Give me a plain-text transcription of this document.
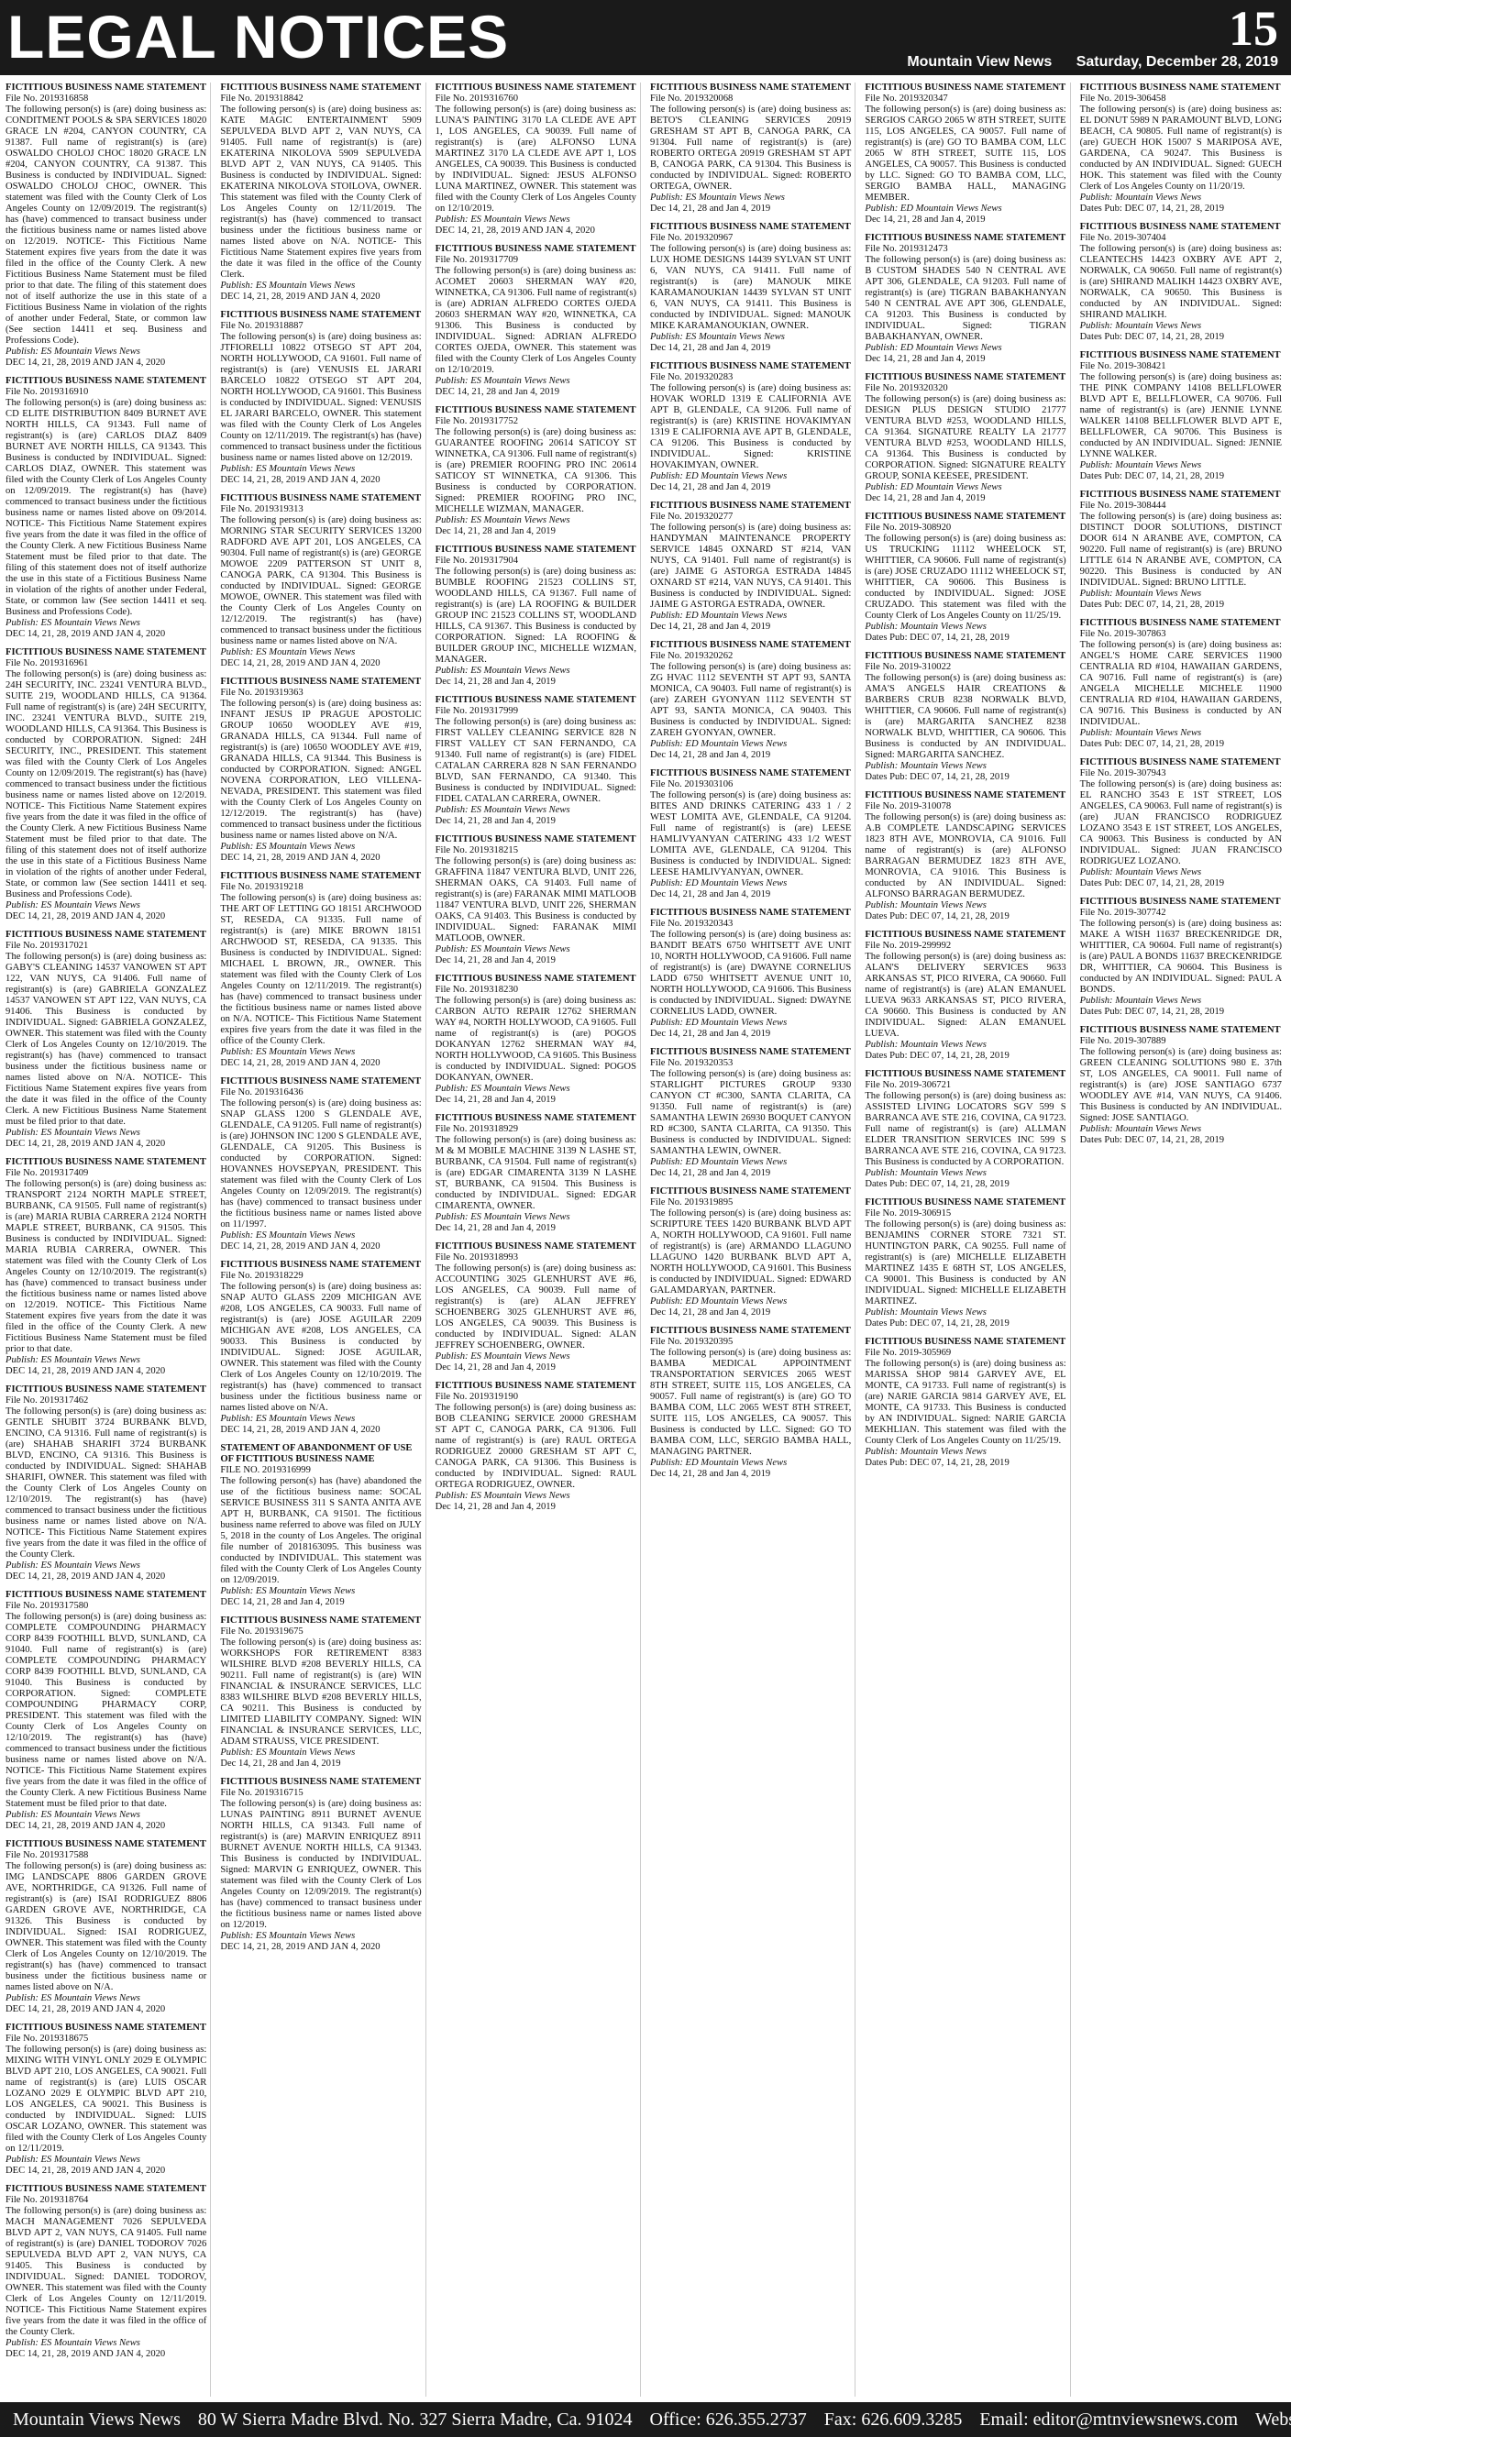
LEGAL NOTICES	15
Mountain View News Saturday, December 28, 2019
FICTITIOUS BUSINESS NAME STATEMENT
File No. 2019316858
The following person(s) is (are) doing business as: CONDITMENT POOLS & SPA SERVICES 18020 GRACE LN #204, CANYON COUNTRY, CA 91387. Full name of registrant(s) is (are) OSWALDO CHOLOJ CHOC 18020 GRACE LN #204, CANYON COUNTRY, CA 91387. This Business is conducted by INDIVIDUAL. Signed: OSWALDO CHOLOJ CHOC, OWNER. This statement was filed with the County Clerk of Los Angeles County on 12/09/2019. The registrant(s) has (have) commenced to transact business under the fictitious business name or names listed above on 12/2019. NOTICE- This Fictitious Name Statement expires five years from the date it was filed in the office of the County Clerk. A new Fictitious Business Name Statement must be filed prior to that date. The filing of this statement does not of itself authorize the use in this state of a Fictitious Business Name in violation of the rights of another under Federal, State, or common law (See section 14411 et seq. Business and Professions Code).
Publish: ES Mountain Views News
DEC 14, 21, 28, 2019 AND JAN 4, 2020
FICTITIOUS BUSINESS NAME STATEMENT
File No. 2019316910
The following person(s) is (are) doing business as: CD ELITE DISTRIBUTION 8409 BURNET AVE NORTH HILLS, CA 91343. Full name of registrant(s) is (are) CARLOS DIAZ 8409 BURNET AVE NORTH HILLS, CA 91343. This Business is conducted by INDIVIDUAL. Signed: CARLOS DIAZ, OWNER. This statement was filed with the County Clerk of Los Angeles County on 12/09/2019. The registrant(s) has (have) commenced to transact business under the fictitious business name or names listed above on 09/2014. NOTICE- This Fictitious Name Statement expires five years from the date it was filed in the office of the County Clerk. A new Fictitious Business Name Statement must be filed prior to that date. The filing of this statement does not of itself authorize the use in this state of a Fictitious Business Name in violation of the rights of another under Federal, State, or common law (See section 14411 et seq. Business and Professions Code).
Publish: ES Mountain Views News
DEC 14, 21, 28, 2019 AND JAN 4, 2020
FICTITIOUS BUSINESS NAME STATEMENT
File No. 2019316961
The following person(s) is (are) doing business as: 24H SECURITY, INC. 23241 VENTURA BLVD., SUITE 219, WOODLAND HILLS, CA 91364. Full name of registrant(s) is (are) 24H SECURITY, INC. 23241 VENTURA BLVD., SUITE 219, WOODLAND HILLS, CA 91364. This Business is conducted by CORPORATION. Signed: 24H SECURITY, INC., PRESIDENT. This statement was filed with the County Clerk of Los Angeles County on 12/09/2019. The registrant(s) has (have) commenced to transact business under the fictitious business name or names listed above on 12/2019. NOTICE- This Fictitious Name Statement expires five years from the date it was filed in the office of the County Clerk. A new Fictitious Business Name Statement must be filed prior to that date. The filing of this statement does not of itself authorize the use in this state of a Fictitious Business Name in violation of the rights of another under Federal, State, or common law (See section 14411 et seq. Business and Professions Code).
Publish: ES Mountain Views News
DEC 14, 21, 28, 2019 AND JAN 4, 2020
FICTITIOUS BUSINESS NAME STATEMENT
File No. 2019317021
The following person(s) is (are) doing business as: GABY'S CLEANING 14537 VANOWEN ST APT 122, VAN NUYS, CA 91406. Full name of registrant(s) is (are) GABRIELA GONZALEZ 14537 VANOWEN ST APT 122, VAN NUYS, CA 91406. This Business is conducted by INDIVIDUAL. Signed: GABRIELA GONZALEZ, OWNER. This statement was filed with the County Clerk of Los Angeles County on 12/10/2019. The registrant(s) has (have) commenced to transact business under the fictitious business name or names listed above on N/A. NOTICE- This Fictitious Name Statement expires five years from the date it was filed in the office of the County Clerk. A new Fictitious Business Name Statement must be filed prior to that date.
Publish: ES Mountain Views News
DEC 14, 21, 28, 2019 AND JAN 4, 2020
FICTITIOUS BUSINESS NAME STATEMENT
File No. 2019317409
The following person(s) is (are) doing business as: TRANSPORT 2124 NORTH MAPLE STREET, BURBANK, CA 91505. Full name of registrant(s) is (are) MARIA RUBIA CARRERA 2124 NORTH MAPLE STREET, BURBANK, CA 91505. This Business is conducted by INDIVIDUAL. Signed: MARIA RUBIA CARRERA, OWNER. This statement was filed with the County Clerk of Los Angeles County on 12/10/2019. The registrant(s) has (have) commenced to transact business under the fictitious business name or names listed above on 12/2019. NOTICE- This Fictitious Name Statement expires five years from the date it was filed in the office of the County Clerk. A new Fictitious Business Name Statement must be filed prior to that date.
Publish: ES Mountain Views News
DEC 14, 21, 28, 2019 AND JAN 4, 2020
FICTITIOUS BUSINESS NAME STATEMENT
File No. 2019317462
The following person(s) is (are) doing business as: GENTLE SHUBIT 3724 BURBANK BLVD, ENCINO, CA 91316. Full name of registrant(s) is (are) SHAHAB SHARIFI 3724 BURBANK BLVD, ENCINO, CA 91316. This Business is conducted by INDIVIDUAL. Signed: SHAHAB SHARIFI, OWNER. This statement was filed with the County Clerk of Los Angeles County on 12/10/2019. The registrant(s) has (have) commenced to transact business under the fictitious business name or names listed above on N/A. NOTICE- This Fictitious Name Statement expires five years from the date it was filed in the office of the County Clerk.
Publish: ES Mountain Views News
DEC 14, 21, 28, 2019 AND JAN 4, 2020
FICTITIOUS BUSINESS NAME STATEMENT
File No. 2019317580
The following person(s) is (are) doing business as: COMPLETE COMPOUNDING PHARMACY CORP 8439 FOOTHILL BLVD, SUNLAND, CA 91040. Full name of registrant(s) is (are) COMPLETE COMPOUNDING PHARMACY CORP 8439 FOOTHILL BLVD, SUNLAND, CA 91040. This Business is conducted by CORPORATION. Signed: COMPLETE COMPOUNDING PHARMACY CORP, PRESIDENT. This statement was filed with the County Clerk of Los Angeles County on 12/10/2019. The registrant(s) has (have) commenced to transact business under the fictitious business name or names listed above on N/A. NOTICE- This Fictitious Name Statement expires five years from the date it was filed in the office of the County Clerk. A new Fictitious Business Name Statement must be filed prior to that date.
Publish: ES Mountain Views News
DEC 14, 21, 28, 2019 AND JAN 4, 2020
FICTITIOUS BUSINESS NAME STATEMENT
File No. 2019317588
The following person(s) is (are) doing business as: IMG LANDSCAPE 8806 GARDEN GROVE AVE, NORTHRIDGE, CA 91326. Full name of registrant(s) is (are) ISAI RODRIGUEZ 8806 GARDEN GROVE AVE, NORTHRIDGE, CA 91326. This Business is conducted by INDIVIDUAL. Signed: ISAI RODRIGUEZ, OWNER. This statement was filed with the County Clerk of Los Angeles County on 12/10/2019. The registrant(s) has (have) commenced to transact business under the fictitious business name or names listed above on N/A.
Publish: ES Mountain Views News
DEC 14, 21, 28, 2019 AND JAN 4, 2020
FICTITIOUS BUSINESS NAME STATEMENT
File No. 2019318675
The following person(s) is (are) doing business as: MIXING WITH VINYL ONLY 2029 E OLYMPIC BLVD APT 210, LOS ANGELES, CA 90021. Full name of registrant(s) is (are) LUIS OSCAR LOZANO 2029 E OLYMPIC BLVD APT 210, LOS ANGELES, CA 90021. This Business is conducted by INDIVIDUAL. Signed: LUIS OSCAR LOZANO, OWNER. This statement was filed with the County Clerk of Los Angeles County on 12/11/2019.
Publish: ES Mountain Views News
DEC 14, 21, 28, 2019 AND JAN 4, 2020
FICTITIOUS BUSINESS NAME STATEMENT
File No. 2019318764
The following person(s) is (are) doing business as: MACH MANAGEMENT 7026 SEPULVEDA BLVD APT 2, VAN NUYS, CA 91405. Full name of registrant(s) is (are) DANIEL TODOROV 7026 SEPULVEDA BLVD APT 2, VAN NUYS, CA 91405. This Business is conducted by INDIVIDUAL. Signed: DANIEL TODOROV, OWNER. This statement was filed with the County Clerk of Los Angeles County on 12/11/2019. NOTICE- This Fictitious Name Statement expires five years from the date it was filed in the office of the County Clerk.
Publish: ES Mountain Views News
DEC 14, 21, 28, 2019 AND JAN 4, 2020
FICTITIOUS BUSINESS NAME STATEMENT
File No. 2019318842
The following person(s) is (are) doing business as: KATE MAGIC ENTERTAINMENT 5909 SEPULVEDA BLVD APT 2, VAN NUYS, CA 91405. Full name of registrant(s) is (are) EKATERINA NIKOLOVA 5909 SEPULVEDA BLVD APT 2, VAN NUYS, CA 91405. This Business is conducted by INDIVIDUAL. Signed: EKATERINA NIKOLOVA STOILOVA, OWNER. This statement was filed with the County Clerk of Los Angeles County on 12/11/2019. The registrant(s) has (have) commenced to transact business under the fictitious business name or names listed above on N/A. NOTICE- This Fictitious Name Statement expires five years from the date it was filed in the office of the County Clerk.
Publish: ES Mountain Views News
DEC 14, 21, 28, 2019 AND JAN 4, 2020
FICTITIOUS BUSINESS NAME STATEMENT
File No. 2019318887
The following person(s) is (are) doing business as: JTFIORELLI 10822 OTSEGO ST APT 204, NORTH HOLLYWOOD, CA 91601. Full name of registrant(s) is (are) VENUSIS EL JARARI BARCELO 10822 OTSEGO ST APT 204, NORTH HOLLYWOOD, CA 91601. This Business is conducted by INDIVIDUAL. Signed: VENUSIS EL JARARI BARCELO, OWNER. This statement was filed with the County Clerk of Los Angeles County on 12/11/2019. The registrant(s) has (have) commenced to transact business under the fictitious business name or names listed above on 12/2019.
Publish: ES Mountain Views News
DEC 14, 21, 28, 2019 AND JAN 4, 2020
FICTITIOUS BUSINESS NAME STATEMENT
File No. 2019319313
The following person(s) is (are) doing business as: MORNING STAR SECURITY SERVICES 13200 RADFORD AVE APT 201, LOS ANGELES, CA 90304. Full name of registrant(s) is (are) GEORGE MOWOE 2209 PATTERSON ST UNIT 8, CANOGA PARK, CA 91304. This Business is conducted by INDIVIDUAL. Signed: GEORGE MOWOE, OWNER. This statement was filed with the County Clerk of Los Angeles County on 12/12/2019. The registrant(s) has (have) commenced to transact business under the fictitious business name or names listed above on N/A.
Publish: ES Mountain Views News
DEC 14, 21, 28, 2019 AND JAN 4, 2020
FICTITIOUS BUSINESS NAME STATEMENT
File No. 2019319363
The following person(s) is (are) doing business as: INFANT JESUS IP PRAGUE APOSTOLIC GROUP 10650 WOODLEY AVE #19, GRANADA HILLS, CA 91344. Full name of registrant(s) is (are) 10650 WOODLEY AVE #19, GRANADA HILLS, CA 91344. This Business is conducted by CORPORATION. Signed: ANGEL NOVENA CORPORATION, LEO VILLENA-NEVADA, PRESIDENT. This statement was filed with the County Clerk of Los Angeles County on 12/12/2019. The registrant(s) has (have) commenced to transact business under the fictitious business name or names listed above on N/A.
Publish: ES Mountain Views News
DEC 14, 21, 28, 2019 AND JAN 4, 2020
FICTITIOUS BUSINESS NAME STATEMENT
File No. 2019319218
The following person(s) is (are) doing business as: THE ART OF LETTING GO 18151 ARCHWOOD ST, RESEDA, CA 91335. Full name of registrant(s) is (are) MIKE BROWN 18151 ARCHWOOD ST, RESEDA, CA 91335. This Business is conducted by INDIVIDUAL. Signed: MICHAEL L BROWN, JR., OWNER. This statement was filed with the County Clerk of Los Angeles County on 12/11/2019. The registrant(s) has (have) commenced to transact business under the fictitious business name or names listed above on N/A. NOTICE- This Fictitious Name Statement expires five years from the date it was filed in the office of the County Clerk.
Publish: ES Mountain Views News
DEC 14, 21, 28, 2019 AND JAN 4, 2020
FICTITIOUS BUSINESS NAME STATEMENT
File No. 2019316436
The following person(s) is (are) doing business as: SNAP GLASS 1200 S GLENDALE AVE, GLENDALE, CA 91205. Full name of registrant(s) is (are) JOHNSON INC 1200 S GLENDALE AVE, GLENDALE, CA 91205. This Business is conducted by CORPORATION. Signed: HOVANNES HOVSEPYAN, PRESIDENT. This statement was filed with the County Clerk of Los Angeles County on 12/09/2019. The registrant(s) has (have) commenced to transact business under the fictitious business name or names listed above on 11/1997.
Publish: ES Mountain Views News
DEC 14, 21, 28, 2019 AND JAN 4, 2020
FICTITIOUS BUSINESS NAME STATEMENT
File No. 2019318229
The following person(s) is (are) doing business as: SNAP AUTO GLASS 2209 MICHIGAN AVE #208, LOS ANGELES, CA 90033. Full name of registrant(s) is (are) JOSE AGUILAR 2209 MICHIGAN AVE #208, LOS ANGELES, CA 90033. This Business is conducted by INDIVIDUAL. Signed: JOSE AGUILAR, OWNER. This statement was filed with the County Clerk of Los Angeles County on 12/10/2019. The registrant(s) has (have) commenced to transact business under the fictitious business name or names listed above on N/A.
Publish: ES Mountain Views News
DEC 14, 21, 28, 2019 AND JAN 4, 2020
STATEMENT OF ABANDONMENT OF USE OF FICTITIOUS BUSINESS NAME
FILE NO. 2019316999
The following person(s) has (have) abandoned the use of the fictitious business name: SOCAL SERVICE BUSINESS 311 S SANTA ANITA AVE APT H, BURBANK, CA 91501. The fictitious business name referred to above was filed on JULY 5, 2018 in the county of Los Angeles. The original file number of 2018163095. This business was conducted by INDIVIDUAL. This statement was filed with the County Clerk of Los Angeles County on 12/09/2019.
Publish: ES Mountain Views News
DEC 14, 21, 28 and Jan 4, 2019
FICTITIOUS BUSINESS NAME STATEMENT
File No. 2019319675
The following person(s) is (are) doing business as: WORKSHOPS FOR RETIREMENT 8383 WILSHIRE BLVD #208 BEVERLY HILLS, CA 90211. Full name of registrant(s) is (are) WIN FINANCIAL & INSURANCE SERVICES, LLC 8383 WILSHIRE BLVD #208 BEVERLY HILLS, CA 90211. This Business is conducted by LIMITED LIABILITY COMPANY. Signed: WIN FINANCIAL & INSURANCE SERVICES, LLC, ADAM STRAUSS, VICE PRESIDENT.
Publish: ES Mountain Views News
Dec 14, 21, 28 and Jan 4, 2019
FICTITIOUS BUSINESS NAME STATEMENT
File No. 2019316715
The following person(s) is (are) doing business as: LUNAS PAINTING 8911 BURNET AVENUE NORTH HILLS, CA 91343. Full name of registrant(s) is (are) MARVIN ENRIQUEZ 8911 BURNET AVENUE NORTH HILLS, CA 91343. This Business is conducted by INDIVIDUAL. Signed: MARVIN G ENRIQUEZ, OWNER. This statement was filed with the County Clerk of Los Angeles County on 12/09/2019. The registrant(s) has (have) commenced to transact business under the fictitious business name or names listed above on 12/2019.
Publish: ES Mountain Views News
DEC 14, 21, 28, 2019 AND JAN 4, 2020
FICTITIOUS BUSINESS NAME STATEMENT
File No. 2019316760
The following person(s) is (are) doing business as: LUNA'S PAINTING 3170 LA CLEDE AVE APT 1, LOS ANGELES, CA 90039. Full name of registrant(s) is (are) ALFONSO LUNA MARTINEZ 3170 LA CLEDE AVE APT 1, LOS ANGELES, CA 90039. This Business is conducted by INDIVIDUAL. Signed: JESUS ALFONSO LUNA MARTINEZ, OWNER. This statement was filed with the County Clerk of Los Angeles County on 12/10/2019.
Publish: ES Mountain Views News
DEC 14, 21, 28, 2019 AND JAN 4, 2020
FICTITIOUS BUSINESS NAME STATEMENT
File No. 2019317709
The following person(s) is (are) doing business as: ACOMET 20603 SHERMAN WAY #20, WINNETKA, CA 91306. Full name of registrant(s) is (are) ADRIAN ALFREDO CORTES OJEDA 20603 SHERMAN WAY #20, WINNETKA, CA 91306. This Business is conducted by INDIVIDUAL. Signed: ADRIAN ALFREDO CORTES OJEDA, OWNER. This statement was filed with the County Clerk of Los Angeles County on 12/10/2019.
Publish: ES Mountain Views News
DEC 14, 21, 28 and Jan 4, 2019
FICTITIOUS BUSINESS NAME STATEMENT
File No. 2019317752
The following person(s) is (are) doing business as: GUARANTEE ROOFING 20614 SATICOY ST WINNETKA, CA 91306. Full name of registrant(s) is (are) PREMIER ROOFING PRO INC 20614 SATICOY ST WINNETKA, CA 91306. This Business is conducted by CORPORATION. Signed: PREMIER ROOFING PRO INC, MICHELLE WIZMAN, MANAGER.
Publish: ES Mountain Views News
Dec 14, 21, 28 and Jan 4, 2019
FICTITIOUS BUSINESS NAME STATEMENT
File No. 2019317904
The following person(s) is (are) doing business as: BUMBLE ROOFING 21523 COLLINS ST, WOODLAND HILLS, CA 91367. Full name of registrant(s) is (are) LA ROOFING & BUILDER GROUP INC 21523 COLLINS ST, WOODLAND HILLS, CA 91367. This Business is conducted by CORPORATION. Signed: LA ROOFING & BUILDER GROUP INC, MICHELLE WIZMAN, MANAGER.
Publish: ES Mountain Views News
Dec 14, 21, 28 and Jan 4, 2019
FICTITIOUS BUSINESS NAME STATEMENT
File No. 2019317999
The following person(s) is (are) doing business as: FIRST VALLEY CLEANING SERVICE 828 N FIRST VALLEY CT SAN FERNANDO, CA 91340. Full name of registrant(s) is (are) FIDEL CATALAN CARRERA 828 N SAN FERNANDO BLVD, SAN FERNANDO, CA 91340. This Business is conducted by INDIVIDUAL. Signed: FIDEL CATALAN CARRERA, OWNER.
Publish: ES Mountain Views News
Dec 14, 21, 28 and Jan 4, 2019
FICTITIOUS BUSINESS NAME STATEMENT
File No. 2019318215
The following person(s) is (are) doing business as: GRAFFINA 11847 VENTURA BLVD, UNIT 226, SHERMAN OAKS, CA 91403. Full name of registrant(s) is (are) FARANAK MIMI MATLOOB 11847 VENTURA BLVD, UNIT 226, SHERMAN OAKS, CA 91403. This Business is conducted by INDIVIDUAL. Signed: FARANAK MIMI MATLOOB, OWNER.
Publish: ES Mountain Views News
Dec 14, 21, 28 and Jan 4, 2019
FICTITIOUS BUSINESS NAME STATEMENT
File No. 2019318230
The following person(s) is (are) doing business as: CARBON AUTO REPAIR 12762 SHERMAN WAY #4, NORTH HOLLYWOOD, CA 91605. Full name of registrant(s) is (are) POGOS DOKANYAN 12762 SHERMAN WAY #4, NORTH HOLLYWOOD, CA 91605. This Business is conducted by INDIVIDUAL. Signed: POGOS DOKANYAN, OWNER.
Publish: ES Mountain Views News
Dec 14, 21, 28 and Jan 4, 2019
FICTITIOUS BUSINESS NAME STATEMENT
File No. 2019318929
The following person(s) is (are) doing business as: M & M MOBILE MACHINE 3139 N LASHE ST, BURBANK, CA 91504. Full name of registrant(s) is (are) EDGAR CIMARENTA 3139 N LASHE ST, BURBANK, CA 91504. This Business is conducted by INDIVIDUAL. Signed: EDGAR CIMARENTA, OWNER.
Publish: ES Mountain Views News
Dec 14, 21, 28 and Jan 4, 2019
FICTITIOUS BUSINESS NAME STATEMENT
File No. 2019318993
The following person(s) is (are) doing business as: ACCOUNTING 3025 GLENHURST AVE #6, LOS ANGELES, CA 90039. Full name of registrant(s) is (are) ALAN JEFFREY SCHOENBERG 3025 GLENHURST AVE #6, LOS ANGELES, CA 90039. This Business is conducted by INDIVIDUAL. Signed: ALAN JEFFREY SCHOENBERG, OWNER.
Publish: ES Mountain Views News
Dec 14, 21, 28 and Jan 4, 2019
FICTITIOUS BUSINESS NAME STATEMENT
File No. 2019319190
The following person(s) is (are) doing business as: BOB CLEANING SERVICE 20000 GRESHAM ST APT C, CANOGA PARK, CA 91306. Full name of registrant(s) is (are) RAUL ORTEGA RODRIGUEZ 20000 GRESHAM ST APT C, CANOGA PARK, CA 91306. This Business is conducted by INDIVIDUAL. Signed: RAUL ORTEGA RODRIGUEZ, OWNER.
Publish: ES Mountain Views News
Dec 14, 21, 28 and Jan 4, 2019
FICTITIOUS BUSINESS NAME STATEMENT
File No. 2019320068
The following person(s) is (are) doing business as: BETO'S CLEANING SERVICES 20919 GRESHAM ST APT B, CANOGA PARK, CA 91304. Full name of registrant(s) is (are) ROBERTO ORTEGA 20919 GRESHAM ST APT B, CANOGA PARK, CA 91304. This Business is conducted by INDIVIDUAL. Signed: ROBERTO ORTEGA, OWNER.
Publish: ES Mountain Views News
Dec 14, 21, 28 and Jan 4, 2019
FICTITIOUS BUSINESS NAME STATEMENT
File No. 2019320967
The following person(s) is (are) doing business as: LUX HOME DESIGNS 14439 SYLVAN ST UNIT 6, VAN NUYS, CA 91411. Full name of registrant(s) is (are) MANOUK MIKE KARAMANOUKIAN 14439 SYLVAN ST UNIT 6, VAN NUYS, CA 91411. This Business is conducted by INDIVIDUAL. Signed: MANOUK MIKE KARAMANOUKIAN, OWNER.
Publish: ES Mountain Views News
Dec 14, 21, 28 and Jan 4, 2019
FICTITIOUS BUSINESS NAME STATEMENT
File No. 2019320283
The following person(s) is (are) doing business as: HOVAK WORLD 1319 E CALIFORNIA AVE APT B, GLENDALE, CA 91206. Full name of registrant(s) is (are) KRISTINE HOVAKIMYAN 1319 E CALIFORNIA AVE APT B, GLENDALE, CA 91206. This Business is conducted by INDIVIDUAL. Signed: KRISTINE HOVAKIMYAN, OWNER.
Publish: ED Mountain Views News
Dec 14, 21, 28 and Jan 4, 2019
FICTITIOUS BUSINESS NAME STATEMENT
File No. 2019320277
The following person(s) is (are) doing business as: HANDYMAN MAINTENANCE PROPERTY SERVICE 14845 OXNARD ST #214, VAN NUYS, CA 91401. Full name of registrant(s) is (are) JAIME G ASTORGA ESTRADA 14845 OXNARD ST #214, VAN NUYS, CA 91401. This Business is conducted by INDIVIDUAL. Signed: JAIME G ASTORGA ESTRADA, OWNER.
Publish: ED Mountain Views News
Dec 14, 21, 28 and Jan 4, 2019
FICTITIOUS BUSINESS NAME STATEMENT
File No. 2019320262
The following person(s) is (are) doing business as: ZG HVAC 1112 SEVENTH ST APT 93, SANTA MONICA, CA 90403. Full name of registrant(s) is (are) ZAREH GYONYAN 1112 SEVENTH ST APT 93, SANTA MONICA, CA 90403. This Business is conducted by INDIVIDUAL. Signed: ZAREH GYONYAN, OWNER.
Publish: ED Mountain Views News
Dec 14, 21, 28 and Jan 4, 2019
FICTITIOUS BUSINESS NAME STATEMENT
File No. 2019303106
The following person(s) is (are) doing business as: BITES AND DRINKS CATERING 433 1 / 2 WEST LOMITA AVE, GLENDALE, CA 91204. Full name of registrant(s) is (are) LEESE HAMLIVYANYAN CATERING 433 1/2 WEST LOMITA AVE, GLENDALE, CA 91204. This Business is conducted by INDIVIDUAL. Signed: LEESE HAMLIVYANYAN, OWNER.
Publish: ED Mountain Views News
Dec 14, 21, 28 and Jan 4, 2019
FICTITIOUS BUSINESS NAME STATEMENT
File No. 2019320343
The following person(s) is (are) doing business as: BANDIT BEATS 6750 WHITSETT AVE UNIT 10, NORTH HOLLYWOOD, CA 91606. Full name of registrant(s) is (are) DWAYNE CORNELIUS LADD 6750 WHITSETT AVENUE UNIT 10, NORTH HOLLYWOOD, CA 91606. This Business is conducted by INDIVIDUAL. Signed: DWAYNE CORNELIUS LADD, OWNER.
Publish: ED Mountain Views News
Dec 14, 21, 28 and Jan 4, 2019
FICTITIOUS BUSINESS NAME STATEMENT
File No. 2019320353
The following person(s) is (are) doing business as: STARLIGHT PICTURES GROUP 9330 CANYON CT #C300, SANTA CLARITA, CA 91350. Full name of registrant(s) is (are) SAMANTHA LEWIN 26930 BOQUET CANYON RD #C300, SANTA CLARITA, CA 91350. This Business is conducted by INDIVIDUAL. Signed: SAMANTHA LEWIN, OWNER.
Publish: ED Mountain Views News
Dec 14, 21, 28 and Jan 4, 2019
FICTITIOUS BUSINESS NAME STATEMENT
File No. 2019319895
The following person(s) is (are) doing business as: SCRIPTURE TEES 1420 BURBANK BLVD APT A, NORTH HOLLYWOOD, CA 91601. Full name of registrant(s) is (are) ARMANDO LLAGUNO LLAGUNO 1420 BURBANK BLVD APT A, NORTH HOLLYWOOD, CA 91601. This Business is conducted by INDIVIDUAL. Signed: EDWARD GALAMDARYAN, PARTNER.
Publish: ED Mountain Views News
Dec 14, 21, 28 and Jan 4, 2019
FICTITIOUS BUSINESS NAME STATEMENT
File No. 2019320395
The following person(s) is (are) doing business as: BAMBA MEDICAL APPOINTMENT TRANSPORTATION SERVICES 2065 WEST 8TH STREET, SUITE 115, LOS ANGELES, CA 90057. Full name of registrant(s) is (are) GO TO BAMBA COM, LLC 2065 WEST 8TH STREET, SUITE 115, LOS ANGELES, CA 90057. This Business is conducted by LLC. Signed: GO TO BAMBA COM, LLC, SERGIO BAMBA HALL, MANAGING PARTNER.
Publish: ED Mountain Views News
Dec 14, 21, 28 and Jan 4, 2019
FICTITIOUS BUSINESS NAME STATEMENT
File No. 2019320347
The following person(s) is (are) doing business as: SERGIOS CARGO 2065 W 8TH STREET, SUITE 115, LOS ANGELES, CA 90057. Full name of registrant(s) is (are) GO TO BAMBA COM, LLC 2065 W 8TH STREET, SUITE 115, LOS ANGELES, CA 90057. This Business is conducted by LLC. Signed: GO TO BAMBA COM, LLC, SERGIO BAMBA HALL, MANAGING MEMBER.
Publish: ED Mountain Views News
Dec 14, 21, 28 and Jan 4, 2019
FICTITIOUS BUSINESS NAME STATEMENT
File No. 2019312473
The following person(s) is (are) doing business as: B CUSTOM SHADES 540 N CENTRAL AVE APT 306, GLENDALE, CA 91203. Full name of registrant(s) is (are) TIGRAN BABAKHANYAN 540 N CENTRAL AVE APT 306, GLENDALE, CA 91203. This Business is conducted by INDIVIDUAL. Signed: TIGRAN BABAKHANYAN, OWNER.
Publish: ED Mountain Views News
Dec 14, 21, 28 and Jan 4, 2019
FICTITIOUS BUSINESS NAME STATEMENT
File No. 2019320320
The following person(s) is (are) doing business as: DESIGN PLUS DESIGN STUDIO 21777 VENTURA BLVD #253, WOODLAND HILLS, CA 91364. SIGNATURE REALTY LA 21777 VENTURA BLVD #253, WOODLAND HILLS, CA 91364. This Business is conducted by CORPORATION. Signed: SIGNATURE REALTY GROUP, SONIA KEESEE, PRESIDENT.
Publish: ED Mountain Views News
Dec 14, 21, 28 and Jan 4, 2019
FICTITIOUS BUSINESS NAME STATEMENT
File No. 2019-308920
The following person(s) is (are) doing business as: US TRUCKING 11112 WHEELOCK ST, WHITTIER, CA 90606. Full name of registrant(s) is (are) JOSE CRUZADO 11112 WHEELOCK ST, WHITTIER, CA 90606. This Business is conducted by INDIVIDUAL. Signed: JOSE CRUZADO. This statement was filed with the County Clerk of Los Angeles County on 11/25/19.
Publish: Mountain Views News
Dates Pub: DEC 07, 14, 21, 28, 2019
FICTITIOUS BUSINESS NAME STATEMENT
File No. 2019-310022
The following person(s) is (are) doing business as: AMA'S ANGELS HAIR CREATIONS & BARBERS CRUB 8238 NORWALK BLVD, WHITTIER, CA 90606. Full name of registrant(s) is (are) MARGARITA SANCHEZ 8238 NORWALK BLVD, WHITTIER, CA 90606. This Business is conducted by AN INDIVIDUAL. Signed: MARGARITA SANCHEZ.
Publish: Mountain Views News
Dates Pub: DEC 07, 14, 21, 28, 2019
FICTITIOUS BUSINESS NAME STATEMENT
File No. 2019-310078
The following person(s) is (are) doing business as: A.B COMPLETE LANDSCAPING SERVICES 1823 8TH AVE, MONROVIA, CA 91016. Full name of registrant(s) is (are) ALFONSO BARRAGAN BERMUDEZ 1823 8TH AVE, MONROVIA, CA 91016. This Business is conducted by AN INDIVIDUAL. Signed: ALFONSO BARRAGAN BERMUDEZ.
Publish: Mountain Views News
Dates Pub: DEC 07, 14, 21, 28, 2019
FICTITIOUS BUSINESS NAME STATEMENT
File No. 2019-299992
The following person(s) is (are) doing business as: ALAN'S DELIVERY SERVICES 9633 ARKANSAS ST, PICO RIVERA, CA 90660. Full name of registrant(s) is (are) ALAN EMANUEL LUEVA 9633 ARKANSAS ST, PICO RIVERA, CA 90660. This Business is conducted by AN INDIVIDUAL. Signed: ALAN EMANUEL LUEVA.
Publish: Mountain Views News
Dates Pub: DEC 07, 14, 21, 28, 2019
FICTITIOUS BUSINESS NAME STATEMENT
File No. 2019-306721
The following person(s) is (are) doing business as: ASSISTED LIVING LOCATORS SGV 599 S BARRANCA AVE STE 216, COVINA, CA 91723. Full name of registrant(s) is (are) ALLMAN ELDER TRANSITION SERVICES INC 599 S BARRANCA AVE STE 216, COVINA, CA 91723. This Business is conducted by A CORPORATION.
Publish: Mountain Views News
Dates Pub: DEC 07, 14, 21, 28, 2019
FICTITIOUS BUSINESS NAME STATEMENT
File No. 2019-306915
The following person(s) is (are) doing business as: BENJAMINS CORNER STORE 7321 ST. HUNTINGTON PARK, CA 90255. Full name of registrant(s) is (are) MICHELLE ELIZABETH MARTINEZ 1435 E 68TH ST, LOS ANGELES, CA 90001. This Business is conducted by AN INDIVIDUAL. Signed: MICHELLE ELIZABETH MARTINEZ.
Publish: Mountain Views News
Dates Pub: DEC 07, 14, 21, 28, 2019
FICTITIOUS BUSINESS NAME STATEMENT
File No. 2019-305969
The following person(s) is (are) doing business as: MARISSA SHOP 9814 GARVEY AVE, EL MONTE, CA 91733. Full name of registrant(s) is (are) NARIE GARCIA 9814 GARVEY AVE, EL MONTE, CA 91733. This Business is conducted by AN INDIVIDUAL. Signed: NARIE GARCIA MEKHLIAN. This statement was filed with the County Clerk of Los Angeles County on 11/25/19.
Publish: Mountain Views News
Dates Pub: DEC 07, 14, 21, 28, 2019
FICTITIOUS BUSINESS NAME STATEMENT
File No. 2019-306458
The following person(s) is (are) doing business as: EL DONUT 5989 N PARAMOUNT BLVD, LONG BEACH, CA 90805. Full name of registrant(s) is (are) GUECH HOK 15007 S MARIPOSA AVE, GARDENA, CA 90247. This Business is conducted by AN INDIVIDUAL. Signed: GUECH HOK. This statement was filed with the County Clerk of Los Angeles County on 11/20/19.
Publish: Mountain Views News
Dates Pub: DEC 07, 14, 21, 28, 2019
FICTITIOUS BUSINESS NAME STATEMENT
File No. 2019-307404
The following person(s) is (are) doing business as: CLEANTECHS 14423 OXBRY AVE APT 2, NORWALK, CA 90650. Full name of registrant(s) is (are) SHIRAND MALIKH 14423 OXBRY AVE, NORWALK, CA 90650. This Business is conducted by AN INDIVIDUAL. Signed: SHIRAND MALIKH.
Publish: Mountain Views News
Dates Pub: DEC 07, 14, 21, 28, 2019
FICTITIOUS BUSINESS NAME STATEMENT
File No. 2019-308421
The following person(s) is (are) doing business as: THE PINK COMPANY 14108 BELLFLOWER BLVD APT E, BELLFLOWER, CA 90706. Full name of registrant(s) is (are) JENNIE LYNNE WALKER 14108 BELLFLOWER BLVD APT E, BELLFLOWER, CA 90706. This Business is conducted by AN INDIVIDUAL. Signed: JENNIE LYNNE WALKER.
Publish: Mountain Views News
Dates Pub: DEC 07, 14, 21, 28, 2019
FICTITIOUS BUSINESS NAME STATEMENT
File No. 2019-308444
The following person(s) is (are) doing business as: DISTINCT DOOR SOLUTIONS, DISTINCT DOOR 614 N ARANBE AVE, COMPTON, CA 90220. Full name of registrant(s) is (are) BRUNO LITTLE 614 N ARANBE AVE, COMPTON, CA 90220. This Business is conducted by AN INDIVIDUAL. Signed: BRUNO LITTLE.
Publish: Mountain Views News
Dates Pub: DEC 07, 14, 21, 28, 2019
FICTITIOUS BUSINESS NAME STATEMENT
File No. 2019-307863
The following person(s) is (are) doing business as: ANGEL'S HOME CARE SERVICES 11900 CENTRALIA RD #104, HAWAIIAN GARDENS, CA 90716. Full name of registrant(s) is (are) ANGELA MICHELLE MICHELE 11900 CENTRALIA RD #104, HAWAIIAN GARDENS, CA 90716. This Business is conducted by AN INDIVIDUAL.
Publish: Mountain Views News
Dates Pub: DEC 07, 14, 21, 28, 2019
FICTITIOUS BUSINESS NAME STATEMENT
File No. 2019-307943
The following person(s) is (are) doing business as: EL RANCHO 3543 E 1ST STREET, LOS ANGELES, CA 90063. Full name of registrant(s) is (are) JUAN FRANCISCO RODRIGUEZ LOZANO 3543 E 1ST STREET, LOS ANGELES, CA 90063. This Business is conducted by AN INDIVIDUAL. Signed: JUAN FRANCISCO RODRIGUEZ LOZANO.
Publish: Mountain Views News
Dates Pub: DEC 07, 14, 21, 28, 2019
FICTITIOUS BUSINESS NAME STATEMENT
File No. 2019-307742
The following person(s) is (are) doing business as: MAKE A WISH 11637 BRECKENRIDGE DR, WHITTIER, CA 90604. Full name of registrant(s) is (are) PAUL A BONDS 11637 BRECKENRIDGE DR, WHITTIER, CA 90604. This Business is conducted by AN INDIVIDUAL. Signed: PAUL A BONDS.
Publish: Mountain Views News
Dates Pub: DEC 07, 14, 21, 28, 2019
FICTITIOUS BUSINESS NAME STATEMENT
File No. 2019-307889
The following person(s) is (are) doing business as: GREEN CLEANING SOLUTIONS 980 E. 37th ST, LOS ANGELES, CA 90011. Full name of registrant(s) is (are) JOSE SANTIAGO 6737 WOODLEY AVE #14, VAN NUYS, CA 91406. This Business is conducted by AN INDIVIDUAL. Signed: JOSE SANTIAGO.
Publish: Mountain Views News
Dates Pub: DEC 07, 14, 21, 28, 2019
Mountain Views News 80 W Sierra Madre Blvd. No. 327 Sierra Madre, Ca. 91024 Office: 626.355.2737 Fax: 626.609.3285 Email: editor@mtnviewsnews.com Website: www.mtnviewsnews.com
